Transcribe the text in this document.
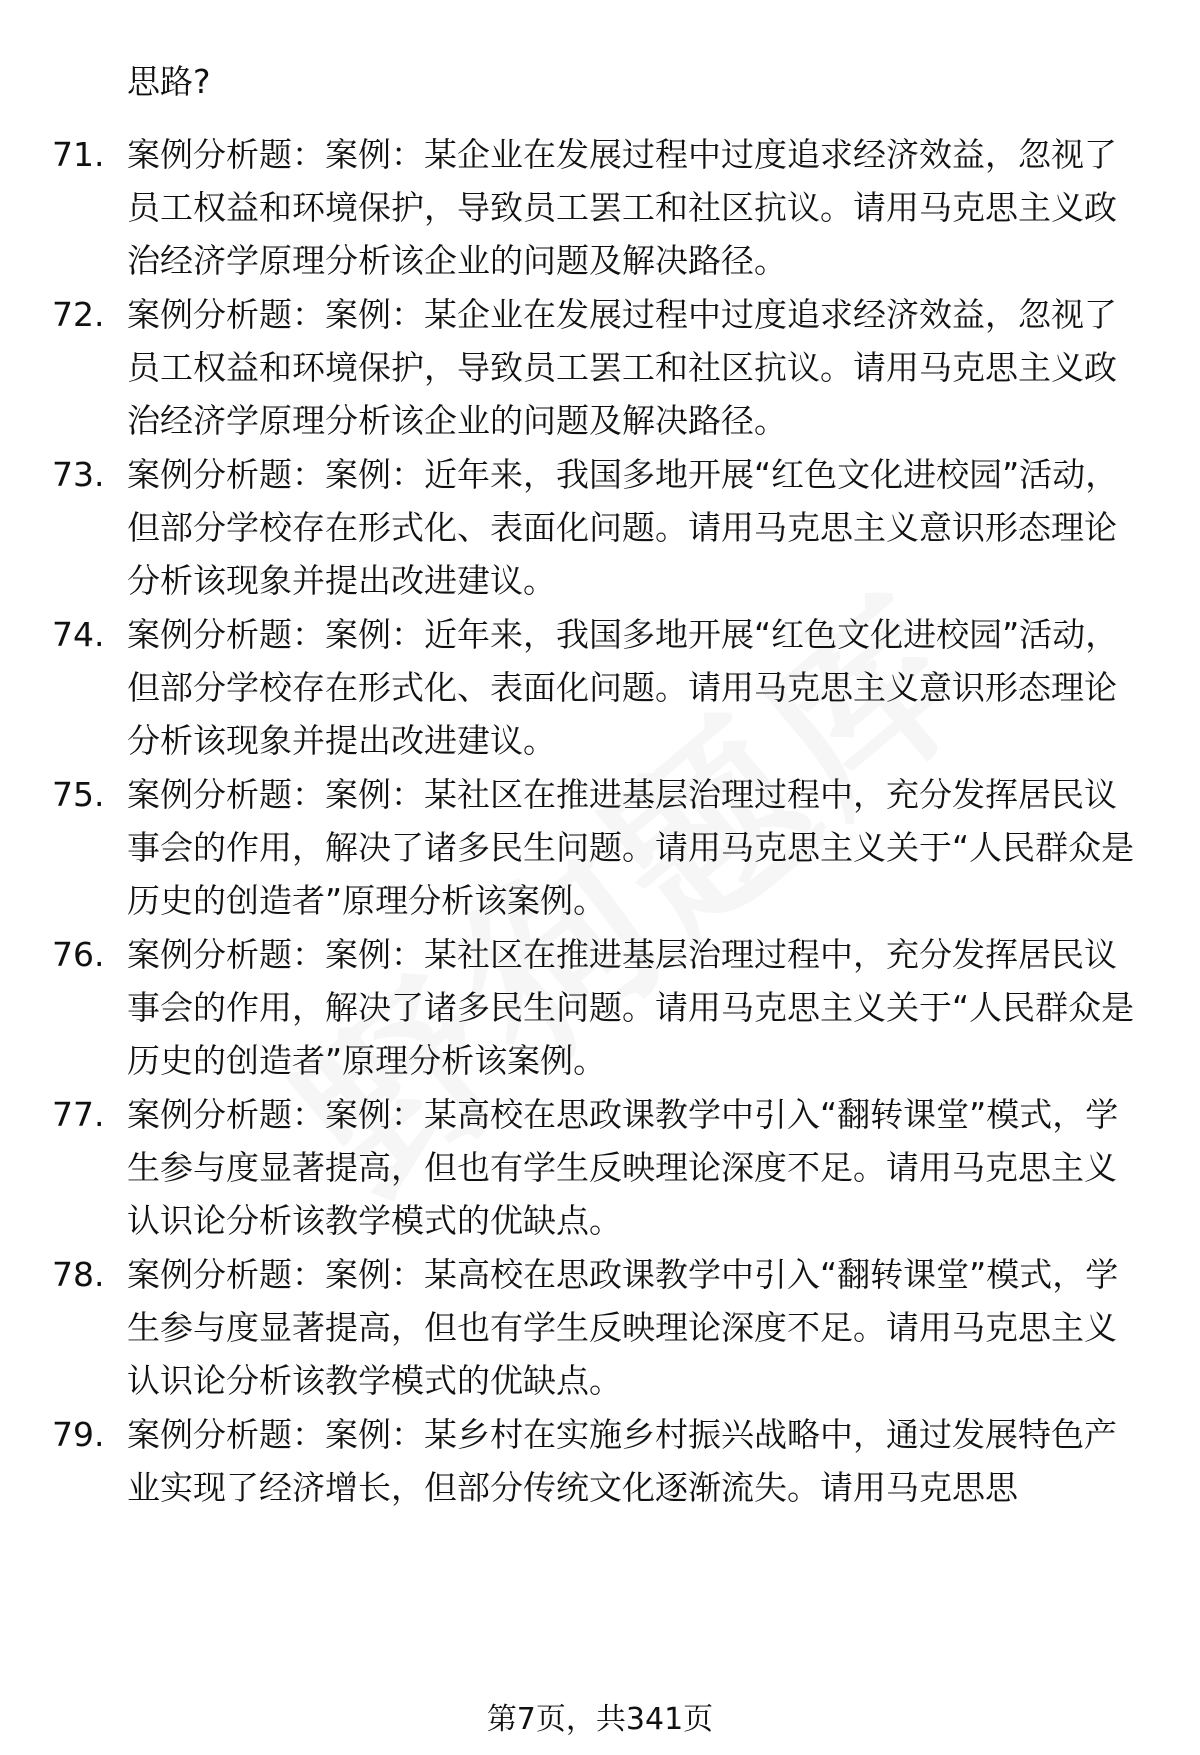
思路?
71. 案例分析题：案例：某企业在发展过程中过度追求经济效益，忽视了员工权益和环境保护，导致员工罢工和社区抗议。请用马克思主义政治经济学原理分析该企业的问题及解决路径。
72. 案例分析题：案例：某企业在发展过程中过度追求经济效益，忽视了员工权益和环境保护，导致员工罢工和社区抗议。请用马克思主义政治经济学原理分析该企业的问题及解决路径。
73. 案例分析题：案例：近年来，我国多地开展“红色文化进校园”活动，但部分学校存在形式化、表面化问题。请用马克思主义意识形态理论分析该现象并提出改进建议。
74. 案例分析题：案例：近年来，我国多地开展“红色文化进校园”活动，但部分学校存在形式化、表面化问题。请用马克思主义意识形态理论分析该现象并提出改进建议。
75. 案例分析题：案例：某社区在推进基层治理过程中，充分发挥居民议事会的作用，解决了诸多民生问题。请用马克思主义关于“人民群众是历史的创造者”原理分析该案例。
76. 案例分析题：案例：某社区在推进基层治理过程中，充分发挥居民议事会的作用，解决了诸多民生问题。请用马克思主义关于“人民群众是历史的创造者”原理分析该案例。
77. 案例分析题：案例：某高校在思政课教学中引入“翻转课堂”模式，学生参与度显著提高，但也有学生反映理论深度不足。请用马克思主义认识论分析该教学模式的优缺点。
78. 案例分析题：案例：某高校在思政课教学中引入“翻转课堂”模式，学生参与度显著提高，但也有学生反映理论深度不足。请用马克思主义认识论分析该教学模式的优缺点。
79. 案例分析题：案例：某乡村在实施乡村振兴战略中，通过发展特色产业实现了经济增长，但部分传统文化逐渐流失。请用马克思思
第7页，共341页
